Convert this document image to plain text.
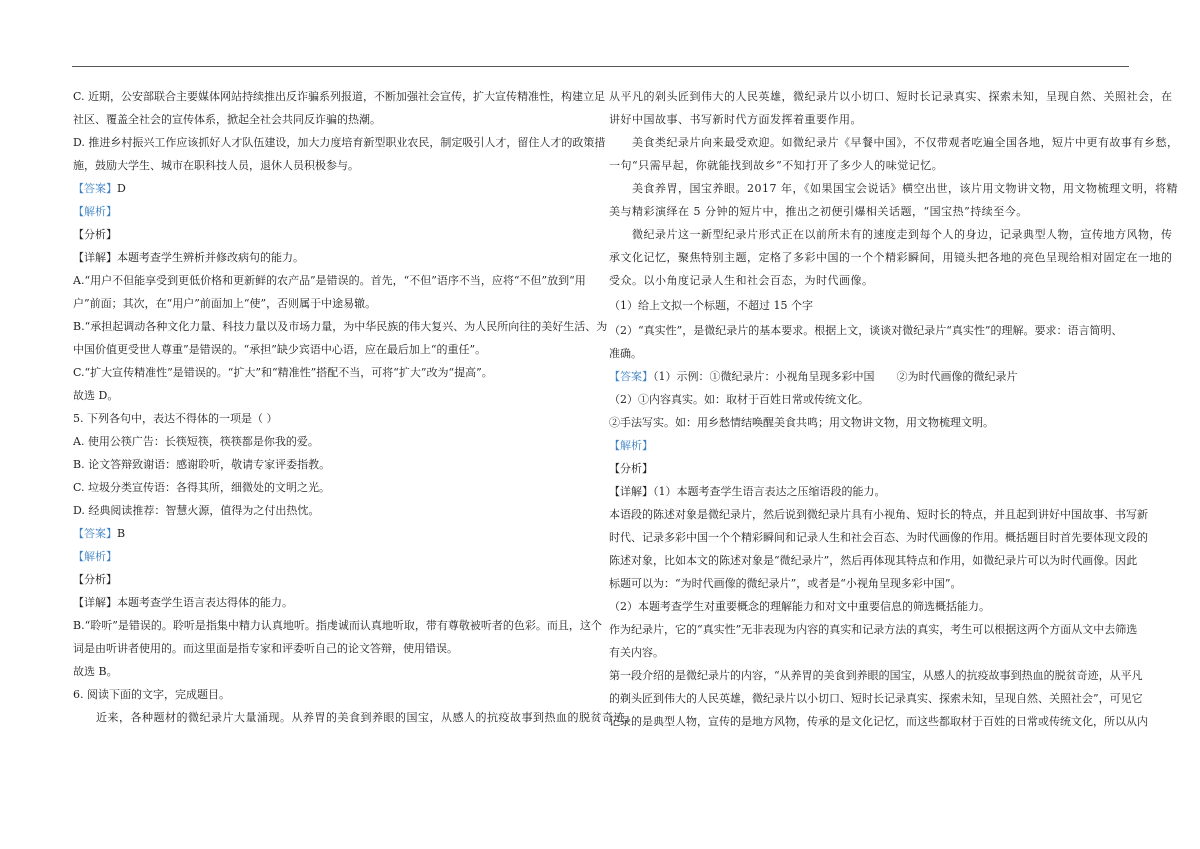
C. 近期，公安部联合主要媒体网站持续推出反诈骗系列报道，不断加强社会宣传，扩大宣传精准性，构建立足

社区、覆盖全社会的宣传体系，掀起全社会共同反诈骗的热潮。

D. 推进乡村振兴工作应该抓好人才队伍建设，加大力度培育新型职业农民，制定吸引人才，留住人才的政策措

施，鼓励大学生、城市在职科技人员，退休人员积极参与。

【答案】D

【解析】

【分析】

【详解】本题考查学生辨析并修改病句的能力。

A.“用户不但能享受到更低价格和更新鲜的农产品”是错误的。首先，“不但”语序不当，应将“不但”放到“用

户”前面；其次，在“用户”前面加上“使”，否则属于中途易辙。

B.“承担起调动各种文化力量、科技力量以及市场力量，为中华民族的伟大复兴、为人民所向往的美好生活、为

中国价值更受世人尊重”是错误的。“承担”缺少宾语中心语，应在最后加上“的重任”。

C.“扩大宣传精准性”是错误的。“扩大”和“精准性”搭配不当，可将“扩大”改为“提高”。

故选 D。

5. 下列各句中，表达不得体的一项是（ ）

A. 使用公筷广告：长筷短筷，筷筷都是你我的爱。

B. 论文答辩致谢语：感谢聆听，敬请专家评委指教。

C. 垃圾分类宣传语：各得其所，细微处的文明之光。

D. 经典阅读推荐：智慧火源，值得为之付出热忱。

【答案】B

【解析】

【分析】

【详解】本题考查学生语言表达得体的能力。

B.“聆听”是错误的。聆听是指集中精力认真地听。指虔诚而认真地听取，带有尊敬被听者的色彩。而且，这个

词是由听讲者使用的。而这里面是指专家和评委听自己的论文答辩，使用错误。

故选 B。

6. 阅读下面的文字，完成题目。

　　近来，各种题材的微纪录片大量涌现。从养胃的美食到养眼的国宝，从感人的抗疫故事到热血的脱贫奇迹，

从平凡的剁头匠到伟大的人民英雄，微纪录片以小切口、短时长记录真实、探索未知，呈现自然、关照社会，在

讲好中国故事、书写新时代方面发挥着重要作用。

　　美食类纪录片向来最受欢迎。如微纪录片《早餐中国》，不仅带观者吃遍全国各地，短片中更有故事有乡愁，

一句“只需早起，你就能找到故乡”不知打开了多少人的味觉记忆。

　　美食养胃，国宝养眼。2017 年，《如果国宝会说话》横空出世，该片用文物讲文物，用文物梳理文明，将精

美与精彩演绎在 5 分钟的短片中，推出之初便引爆相关话题，“国宝热”持续至今。

　　微纪录片这一新型纪录片形式正在以前所未有的速度走到每个人的身边，记录典型人物，宣传地方风物，传

承文化记忆，聚焦特别主题，定格了多彩中国的一个个精彩瞬间，用镜头把各地的亮色呈现给相对固定在一地的

受众。以小角度记录人生和社会百态，为时代画像。

（1）给上文拟一个标题，不超过 15 个字

（2）“真实性”，是微纪录片的基本要求。根据上文，谈谈对微纪录片“真实性”的理解。要求：语言简明、

准确。

【答案】（1）示例：①微纪录片：小视角呈现多彩中国　　②为时代画像的微纪录片

（2）①内容真实。如：取材于百姓日常或传统文化。

②手法写实。如：用乡愁情结唤醒美食共鸣；用文物讲文物，用文物梳理文明。

【解析】

【分析】

【详解】（1）本题考查学生语言表达之压缩语段的能力。

本语段的陈述对象是微纪录片，然后说到微纪录片具有小视角、短时长的特点，并且起到讲好中国故事、书写新

时代、记录多彩中国一个个精彩瞬间和记录人生和社会百态、为时代画像的作用。概括题目时首先要体现文段的

陈述对象，比如本文的陈述对象是“微纪录片”，然后再体现其特点和作用，如微纪录片可以为时代画像。因此

标题可以为：“为时代画像的微纪录片”，或者是“小视角呈现多彩中国”。

（2）本题考查学生对重要概念的理解能力和对文中重要信息的筛选概括能力。

作为纪录片，它的“真实性”无非表现为内容的真实和记录方法的真实，考生可以根据这两个方面从文中去筛选

有关内容。

第一段介绍的是微纪录片的内容，“从养胃的美食到养眼的国宝，从感人的抗疫故事到热血的脱贫奇迹，从平凡

的剃头匠到伟大的人民英雄，微纪录片以小切口、短时长记录真实、探索未知，呈现自然、关照社会”，可见它

记录的是典型人物，宣传的是地方风物，传承的是文化记忆，而这些都取材于百姓的日常或传统文化，所以从内
